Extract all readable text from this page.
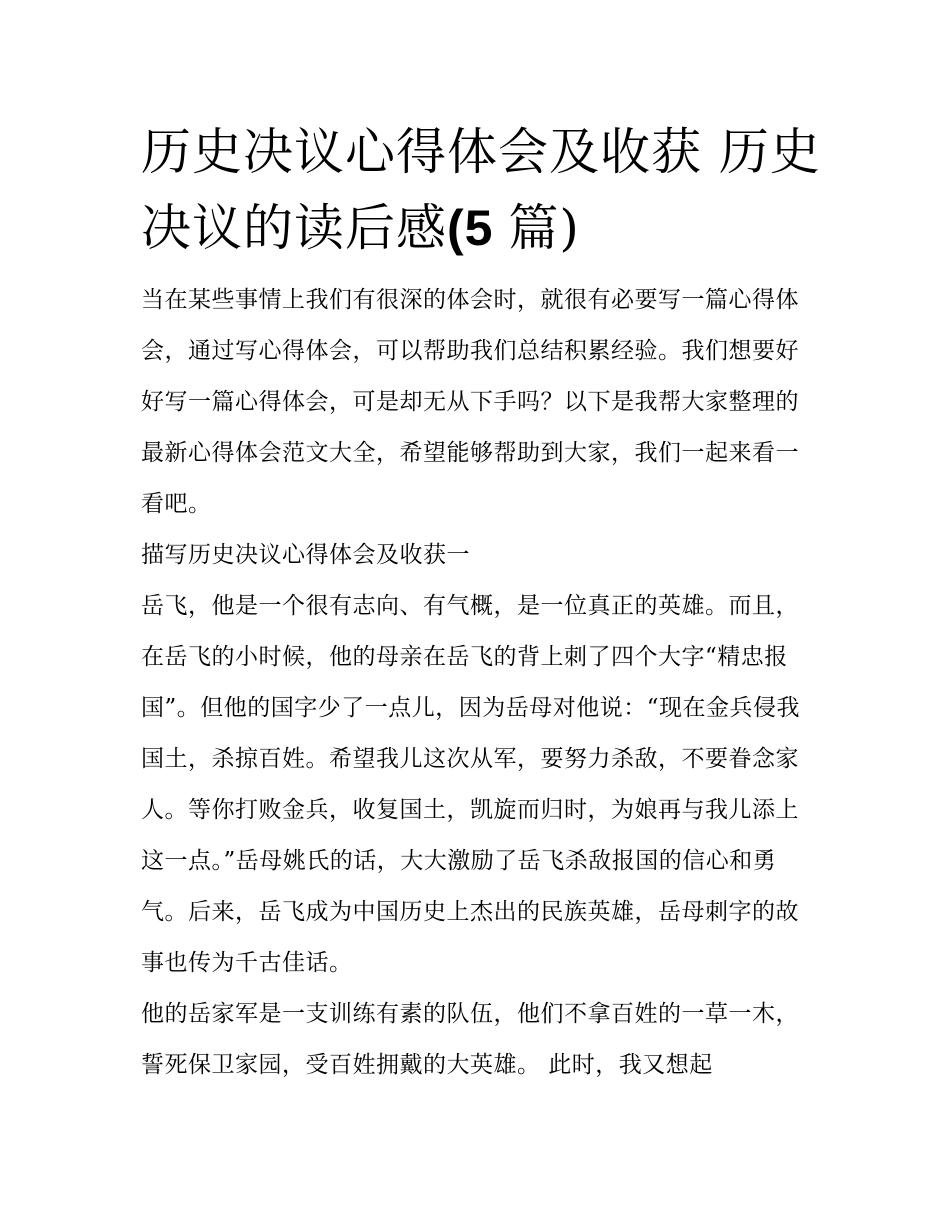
历史决议心得体会及收获 历史决议的读后感(5 篇)

当在某些事情上我们有很深的体会时，就很有必要写一篇心得体会，通过写心得体会，可以帮助我们总结积累经验。我们想要好好写一篇心得体会，可是却无从下手吗？以下是我帮大家整理的最新心得体会范文大全，希望能够帮助到大家，我们一起来看一看吧。

描写历史决议心得体会及收获一

岳飞，他是一个很有志向、有气概，是一位真正的英雄。而且，在岳飞的小时候，他的母亲在岳飞的背上刺了四个大字“精忠报国”。但他的国字少了一点儿，因为岳母对他说：“现在金兵侵我国土，杀掠百姓。希望我儿这次从军，要努力杀敌，不要眷念家人。等你打败金兵，收复国土，凯旋而归时，为娘再与我儿添上这一点。”岳母姚氏的话，大大激励了岳飞杀敌报国的信心和勇气。后来，岳飞成为中国历史上杰出的民族英雄，岳母刺字的故事也传为千古佳话。

他的岳家军是一支训练有素的队伍，他们不拿百姓的一草一木，誓死保卫家园，受百姓拥戴的大英雄。 此时，我又想起
